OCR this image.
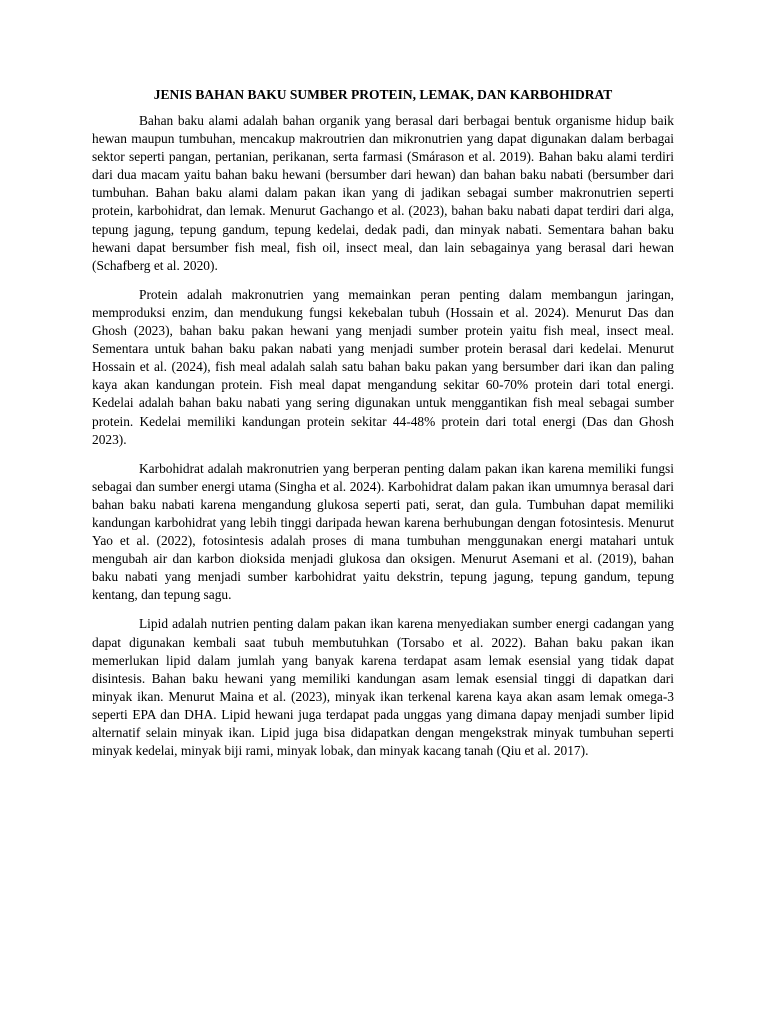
JENIS BAHAN BAKU SUMBER PROTEIN, LEMAK, DAN KARBOHIDRAT

Bahan baku alami adalah bahan organik yang berasal dari berbagai bentuk organisme hidup baik hewan maupun tumbuhan, mencakup makroutrien dan mikronutrien yang dapat digunakan dalam berbagai sektor seperti pangan, pertanian, perikanan, serta farmasi (Smárason et al. 2019). Bahan baku alami terdiri dari dua macam yaitu bahan baku hewani (bersumber dari hewan) dan bahan baku nabati (bersumber dari tumbuhan. Bahan baku alami dalam pakan ikan yang di jadikan sebagai sumber makronutrien seperti protein, karbohidrat, dan lemak. Menurut Gachango et al. (2023), bahan baku nabati dapat terdiri dari alga, tepung jagung, tepung gandum, tepung kedelai, dedak padi, dan minyak nabati. Sementara bahan baku hewani dapat bersumber fish meal, fish oil, insect meal, dan lain sebagainya yang berasal dari hewan (Schafberg et al. 2020).

Protein adalah makronutrien yang memainkan peran penting dalam membangun jaringan, memproduksi enzim, dan mendukung fungsi kekebalan tubuh (Hossain et al. 2024). Menurut Das dan Ghosh (2023), bahan baku pakan hewani yang menjadi sumber protein yaitu fish meal, insect meal. Sementara untuk bahan baku pakan nabati yang menjadi sumber protein berasal dari kedelai. Menurut Hossain et al. (2024), fish meal adalah salah satu bahan baku pakan yang bersumber dari ikan dan paling kaya akan kandungan protein. Fish meal dapat mengandung sekitar 60-70% protein dari total energi. Kedelai adalah bahan baku nabati yang sering digunakan untuk menggantikan fish meal sebagai sumber protein. Kedelai memiliki kandungan protein sekitar 44-48% protein dari total energi (Das dan Ghosh 2023).

Karbohidrat adalah makronutrien yang berperan penting dalam pakan ikan karena memiliki fungsi sebagai dan sumber energi utama (Singha et al. 2024). Karbohidrat dalam pakan ikan umumnya berasal dari bahan baku nabati karena mengandung glukosa seperti pati, serat, dan gula. Tumbuhan dapat memiliki kandungan karbohidrat yang lebih tinggi daripada hewan karena berhubungan dengan fotosintesis. Menurut Yao et al. (2022), fotosintesis adalah proses di mana tumbuhan menggunakan energi matahari untuk mengubah air dan karbon dioksida menjadi glukosa dan oksigen. Menurut Asemani et al. (2019), bahan baku nabati yang menjadi sumber karbohidrat yaitu dekstrin, tepung jagung, tepung gandum, tepung kentang, dan tepung sagu.

Lipid adalah nutrien penting dalam pakan ikan karena menyediakan sumber energi cadangan yang dapat digunakan kembali saat tubuh membutuhkan (Torsabo et al. 2022). Bahan baku pakan ikan memerlukan lipid dalam jumlah yang banyak karena terdapat asam lemak esensial yang tidak dapat disintesis. Bahan baku hewani yang memiliki kandungan asam lemak esensial tinggi di dapatkan dari minyak ikan. Menurut Maina et al. (2023), minyak ikan terkenal karena kaya akan asam lemak omega-3 seperti EPA dan DHA. Lipid hewani juga terdapat pada unggas yang dimana dapay menjadi sumber lipid alternatif selain minyak ikan. Lipid juga bisa didapatkan dengan mengekstrak minyak tumbuhan seperti minyak kedelai, minyak biji rami, minyak lobak, dan minyak kacang tanah (Qiu et al. 2017).
